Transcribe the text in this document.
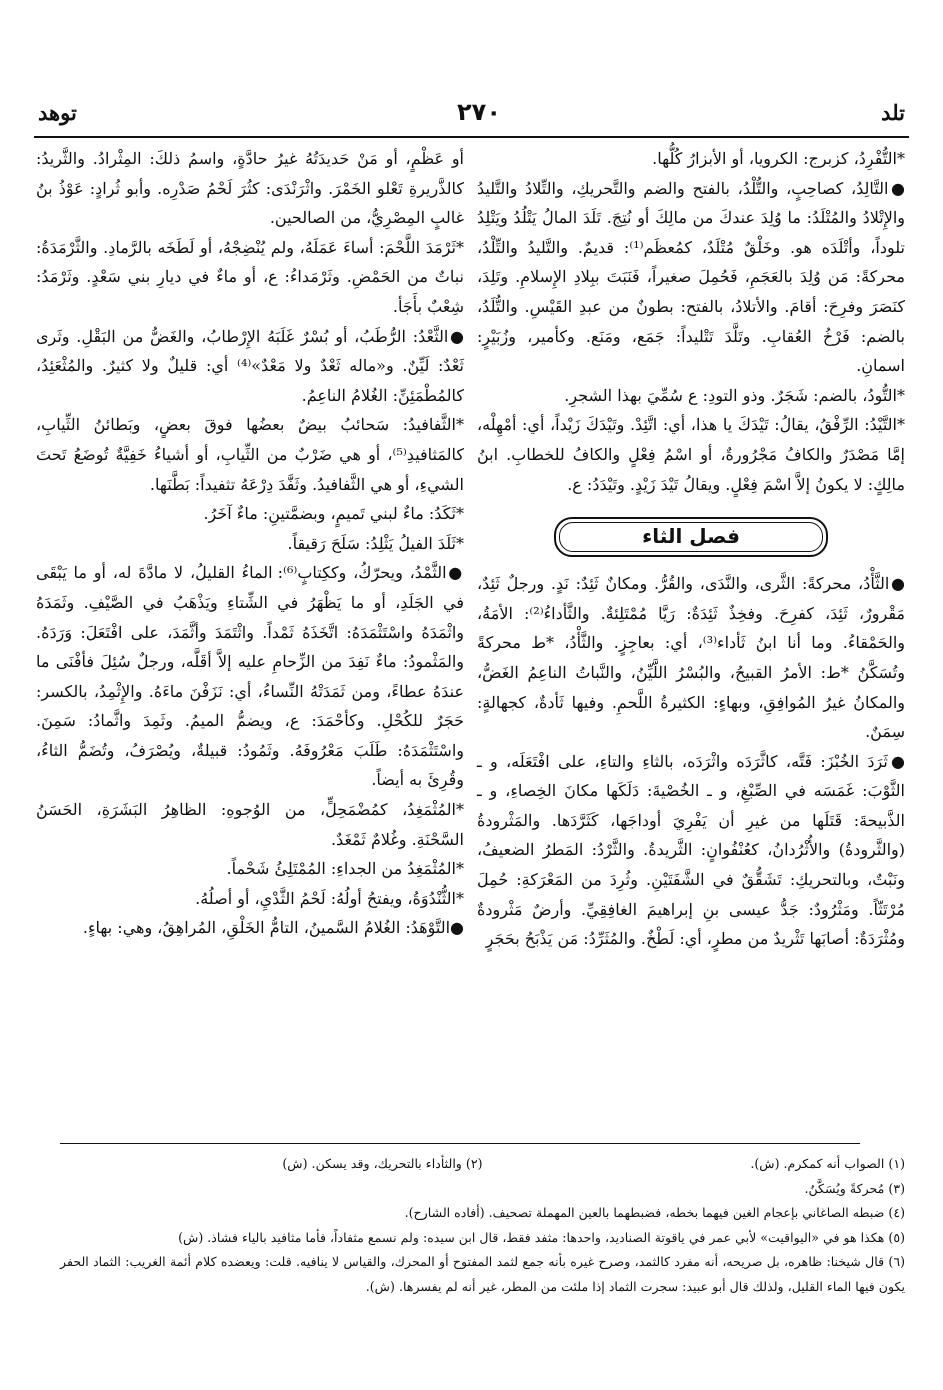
تلد
٢٧٠
توهد

*التُّفْرِدُ، كزبرج: الكرويا، أو الأبزارُ كُلُّها.

●التَّالِدُ، كصاحِبٍ، والتُّلْدُ، بالفتح والضم والتَّحريكِ، والتِّلادُ والتَّليدُ والإِتْلادُ والمُتْلَدُ: ما وُلِدَ عندكَ من مالِكَ أو نُتِجَ. تَلَدَ المالُ يَتْلُدُ ويَتْلِدُ تلوداً، وأتْلَدَه هو. وخَلْقٌ مُتْلَدٌ، كمُعظَم⁽¹⁾: قديمٌ. والتَّليدُ والتِّلْدُ، محركةً: مَن وُلِدَ بالعَجَمِ، فَحُمِلَ صغيراً، فَنَبَتَ ببِلادِ الإِسلامِ. وتَلِدَ، كنَصَرَ وفرِحَ: أقامَ. والأتلادُ، بالفتح: بطونٌ من عبدِ القَيْسِ. والتُّلَدُ، بالضم: فَرْخُ العُقابِ. وتَلَّدَ تَتْليداً: جَمَع، ومَنَع. وكأمير، وزُبَيْرٍ: اسمانِ.

*التُّودُ، بالضم: شَجَرٌ. وذو التودِ: ع سُمِّيَ بهذا الشجرِ.

*التَّيْدُ: الرِّفْقُ، يقالُ: تَيْدَكَ يا هذا، أي: اتَّئِدْ. وتَيْدَكَ زَيْداً، أي: أمْهِلْه، إمَّا مَصْدَرٌ والكافُ مَجْرُورةٌ، أو اسْمُ فِعْلٍ والكافُ للخطابِ. ابنُ مالِكٍ: لا يكونُ إلاَّ اسْمَ فِعْلٍ. ويقالُ تَيْدَ زَيْدٍ. وتَيْدَدُ: ع.

فصل الثاء

●الثَّأْدُ، محركةً: الثَّرى، والنَّدَى، والقُرُّ. ومكانٌ ثَئِدٌ: نَدٍ. ورجلٌ ثَئِدٌ، مَقْرورٌ، ثَئِدَ، كفرِحَ. وفخِذٌ ثَئِدَةٌ: رَيَّا مُمْتَلِئةٌ. والثَّأداءُ⁽²⁾: الأمَةُ، والحَمْقاءُ. وما أنا ابنُ ثَأداء⁽³⁾، أي: بعاجِزٍ. والثَّأْدُ، *ط محركةً وتُسَكَّنُ *ط: الأمرُ القبيحُ، والبُسْرُ اللَّيِّنُ، والنَّباتُ الناعِمُ الغَضُّ، والمكانُ غيرُ المُوافِقِ، وبهاءٍ: الكثيرةُ اللَّحمِ. وفيها ثَأدةٌ، كجهالةٍ: سِمَنٌ.

●ثَرَدَ الخُبْزَ: فَتَّه، كاثَّرَدَه واثْرَدَه، بالثاءِ والتاءِ، على افْتَعَلَه، و ـ الثَّوْبَ: غَمَسَه في الصِّبْغِ، و ـ الخُصْيةَ: دَلَكَها مكانَ الخِصاءِ، و ـ الذَّبيحةَ: قَتَلَها من غيرِ أن يَفْرِيَ أوداجَها، كَثَرَّدَها. والمَثْرودةُ (والثَّرودةُ) والأُثْرُدانُ، كعُنْفُوانٍ: الثَّريدةُ. والثَّرْدُ: المَطرُ الضعيفُ، ونَبْتٌ، وبالتحريكِ: تَشَقُّقٌ في الشَّفَتَيْنِ. وثُرِدَ من المَعْرَكةِ: حُمِلَ مُرْتَثّاً. ومَثْرُودٌ: جَدُّ عيسى بنِ إبراهيمَ الغافِقِيِّ. وأرضٌ مَثْرودةٌ ومُثْرَدَةٌ: أصابَها تَثْريدٌ من مطرٍ، أي: لَطْخٌ. والمُثَرِّدُ: مَن يَذْبَحُ بحَجَرٍ

أو عَظْمٍ، أو مَنْ حَديدَتُهُ غيرُ حادَّةٍ، واسمُ ذلكَ: المِثْرادُ. والثَّريدُ: كالذَّريرةِ تَعْلو الخَمْرَ. واثْرَنْدَى: كثُرَ لَحْمُ صَدْرِه. وأبو ثُرادٍ: عَوْذُ بنُ غالبٍ المِصْرِيُّ، من الصالحين.

*ثَرْمَدَ اللَّحْمَ: أساءَ عَمَلَهُ، ولم يُنْضِجْهُ، أو لَطَخَه بالرَّمادِ. والثَّرْمَدَةُ: نباتٌ من الحَمْضِ. وثَرْمَداءُ: ع، أو ماءٌ في ديارِ بني سَعْدٍ. وثَرْمَدُ: شِعْبٌ بأَجَأ.

●الثَّعْدُ: الرُّطَبُ، أو بُسْرٌ غَلَبَهُ الإِرْطابُ، والغَضُّ من البَقْلِ. وثَرى ثَعْدٌ: لَيِّنٌ. و«ماله ثَعْدٌ ولا مَعْدٌ»⁽⁴⁾ أي: قليلٌ ولا كثيرٌ. والمُثْعَئِدُ، كالمُطْمَئِنِّ: الغُلامُ الناعِمُ.

*الثَّفافيدُ: سَحائبُ بيضٌ بعضُها فوقَ بعضٍ، وبَطائنُ الثِّيابِ، كالمَثافيدِ⁽⁵⁾، أو هي ضَرْبٌ من الثِّيابِ، أو أشياءُ خَفِيَّةٌ تُوضَعُ تَحتَ الشيءِ، أو هي الثَّفافيدُ. وثَفَّدَ دِرْعَهُ تثفيداً: بَطَّنَها.

*ثَكَدُ: ماءٌ لبني تَميمٍ، وبضمَّتينِ: ماءٌ آخَرُ.

*ثَلَدَ الفيلُ يَثْلِدُ: سَلَحَ رَقيقاً.

●الثَّمْدُ، ويحرّكُ، وككِتابٍ⁽⁶⁾: الماءُ القليلُ، لا مادَّةَ له، أو ما يَبْقَى في الجَلَدِ، أو ما يَظْهَرُ في الشِّتاءِ ويَذْهَبُ في الصَّيْفِ. وثَمَدَهُ واثْمَدَهُ واسْتَثْمَدَهُ: اتَّخَذَهُ ثَمْداً. واثْتَمَدَ وأثَّمَدَ، على افْتَعَلَ: وَرَدَهُ. والمَثْمودُ: ماءٌ نَفِدَ من الزِّحامِ عليه إلاَّ أقَلَّه، ورجلٌ سُئِلَ فأفْنَى ما عندَهُ عطاءً، ومن ثَمَدَتْهُ النِّساءُ، أي: نَزَفْنَ ماءَهُ. والإِثْمِدُ، بالكسر: حَجَرٌ للكُحْلِ. وكأحْمَدَ: ع، ويضمُّ الميمُ. وثَمِدَ واثَّمادُ: سَمِنَ. واسْتَثْمَدَهُ: طَلَبَ مَعْرُوفَهُ. وثَمُودُ: قبيلةٌ، ويُصْرَفُ، وتُضَمُّ الثاءُ، وقُرِئَ به أيضاً.

*المُثْمَغِدُ، كمُضْمَحِلٍّ، من الوُجوهِ: الظاهِرُ البَشَرَةِ، الحَسَنُ السَّحْنَةِ. وغُلامٌ ثَمْغَدٌ.

*المُثْمَغِدُ من الجداءِ: المُمْتَلِئُ شَحْماً.

*الثُّنْدُوَةُ، ويفتحُ أولُهُ: لَحْمُ الثَّدْيِ، أو أصلُهُ.

●التَّوْهَدُ: الغُلامُ السَّمينُ، التامُّ الخَلْقِ، المُراهِقُ، وهي: بهاءٍ.

(١) الصواب أنه كمكرم. (ش).
(٢) والثأداء بالتحريك، وقد يسكن. (ش)
(٣) مُحركةً ويُسَكَّنُ.
(٤) ضبطه الصاغاني بإعجام الغين فيهما بخطه، فضبطهما بالعين المهملة تصحيف. (أفاده الشارح).
(٥) هكذا هو في «اليواقيت» لأبي عمر في ياقوتة الصناديد، واحدها: مثفد فقط، قال ابن سيده: ولم نسمع مثفاداً، فأما مثافيد بالياء فشاذ. (ش)
(٦) قال شيخنا: ظاهره، بل صريحه، أنه مفرد كالثمد، وصرح غيره بأنه جمع لثمد المفتوح أو المحرك، والقياس لا ينافيه. قلت: ويعضده كلام أئمة الغريب: الثماد الحفر يكون فيها الماء القليل، ولذلك قال أبو عبيد: سجرت الثماد إذا ملئت من المطر، غير أنه لم يفسرها. (ش).
